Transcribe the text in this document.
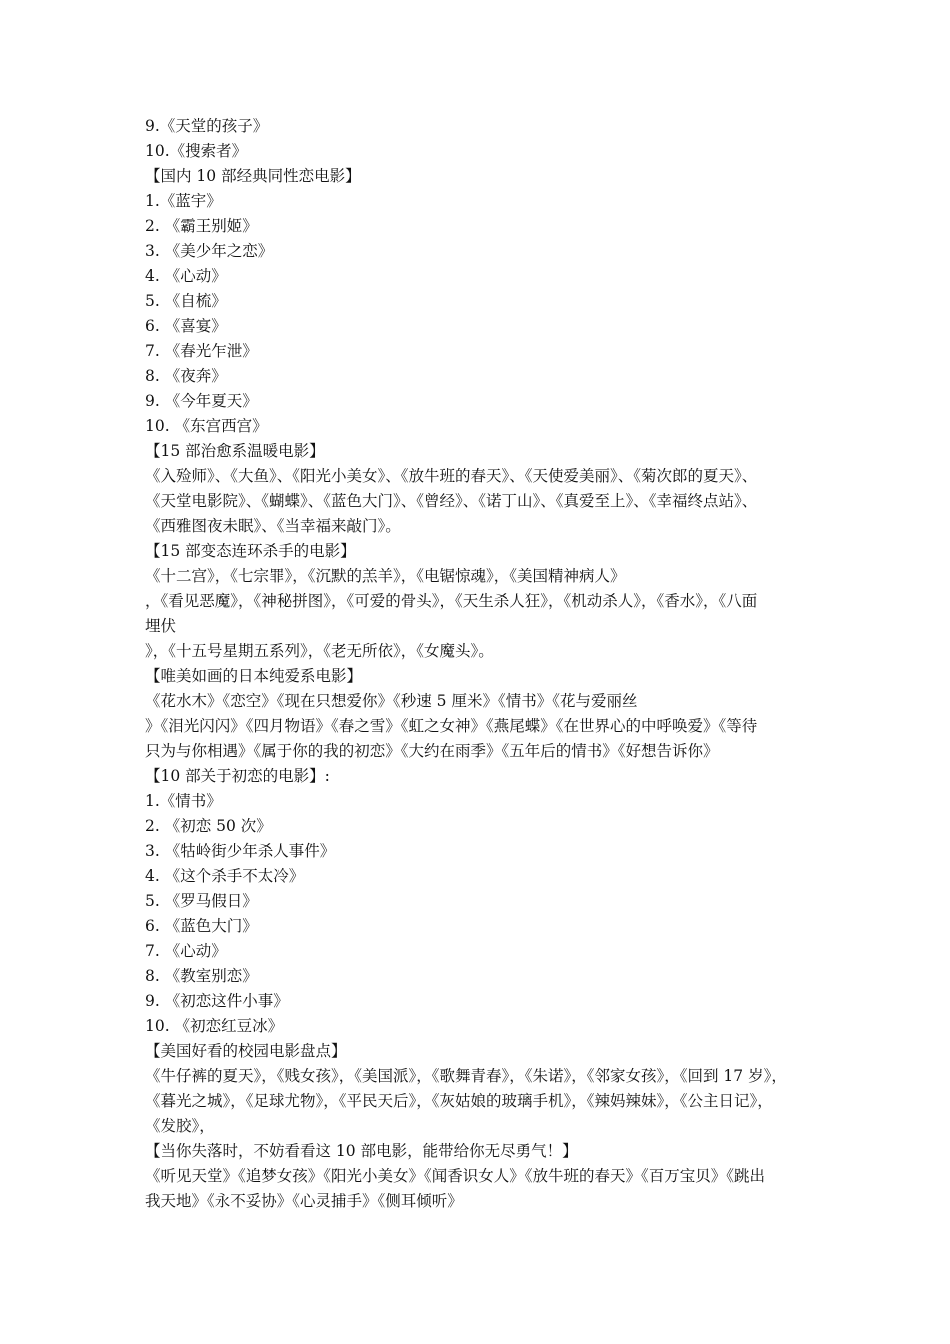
9.《天堂的孩子》
10.《搜索者》
【国内 10 部经典同性恋电影】
1.《蓝宇》
2. 《霸王别姬》
3. 《美少年之恋》
4. 《心动》
5. 《自梳》
6. 《喜宴》
7. 《春光乍泄》
8. 《夜奔》
9. 《今年夏天》
10. 《东宫西宫》
【15 部治愈系温暖电影】
《入殓师》、《大鱼》、《阳光小美女》、《放牛班的春天》、《天使爱美丽》、《菊次郎的夏天》、
《天堂电影院》、《蝴蝶》、《蓝色大门》、《曾经》、《诺丁山》、《真爱至上》、《幸福终点站》、
《西雅图夜未眠》、《当幸福来敲门》。
【15 部变态连环杀手的电影】
《十二宫》，《七宗罪》，《沉默的羔羊》，《电锯惊魂》，《美国精神病人》
，《看见恶魔》，《神秘拼图》，《可爱的骨头》，《天生杀人狂》，《机动杀人》，《香水》，《八面
埋伏
》，《十五号星期五系列》，《老无所依》，《女魔头》。
【唯美如画的日本纯爱系电影】
《花水木》《恋空》《现在只想爱你》《秒速 5 厘米》《情书》《花与爱丽丝
》《泪光闪闪》《四月物语》《春之雪》《虹之女神》《燕尾蝶》《在世界心的中呼唤爱》《等待
只为与你相遇》《属于你的我的初恋》《大约在雨季》《五年后的情书》《好想告诉你》
【10 部关于初恋的电影】:
1.《情书》
2. 《初恋 50 次》
3. 《牯岭街少年杀人事件》
4. 《这个杀手不太冷》
5. 《罗马假日》
6. 《蓝色大门》
7. 《心动》
8. 《教室别恋》
9. 《初恋这件小事》
10. 《初恋红豆冰》
【美国好看的校园电影盘点】
《牛仔裤的夏天》，《贱女孩》，《美国派》，《歌舞青春》，《朱诺》，《邻家女孩》，《回到 17 岁》，
《暮光之城》，《足球尤物》，《平民天后》，《灰姑娘的玻璃手机》，《辣妈辣妹》，《公主日记》，
《发胶》，
【当你失落时，不妨看看这 10 部电影，能带给你无尽勇气！】
《听见天堂》《追梦女孩》《阳光小美女》《闻香识女人》《放牛班的春天》《百万宝贝》《跳出
我天地》《永不妥协》《心灵捕手》《侧耳倾听》
